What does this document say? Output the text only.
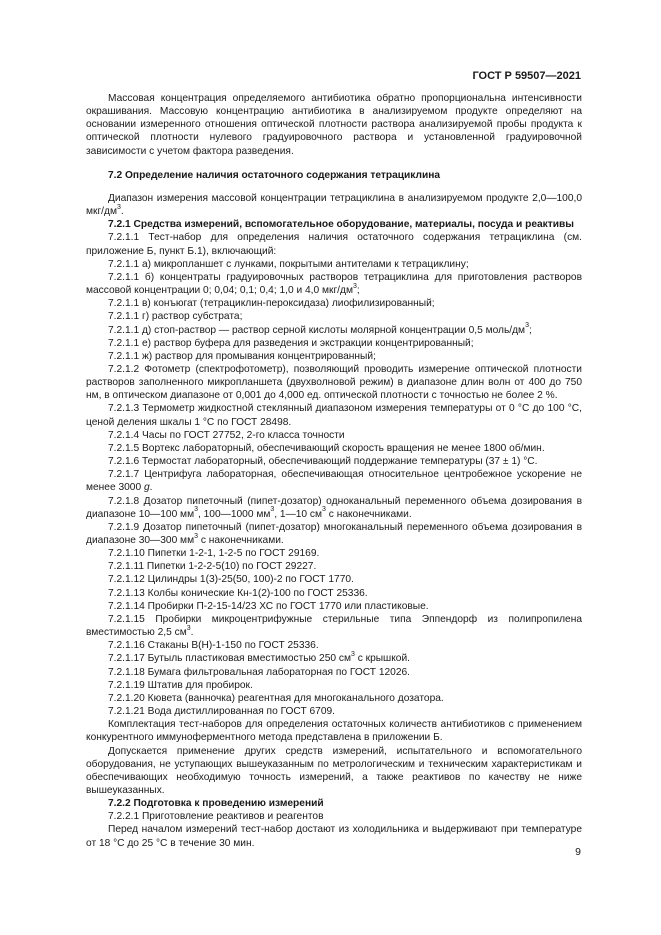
ГОСТ Р 59507—2021

Массовая концентрация определяемого антибиотика обратно пропорциональна интенсивности окрашивания. Массовую концентрацию антибиотика в анализируемом продукте определяют на основании измеренного отношения оптической плотности раствора анализируемой пробы продукта к оптической плотности нулевого градуировочного раствора и установленной градуировочной зависимости с учетом фактора разведения.

7.2 Определение наличия остаточного содержания тетрациклина

Диапазон измерения массовой концентрации тетрациклина в анализируемом продукте 2,0—100,0 мкг/$дм^3$.

7.2.1 Средства измерений, вспомогательное оборудование, материалы, посуда и реактивы

7.2.1.1 Тест-набор для определения наличия остаточного содержания тетрациклина (см. приложение Б, пункт Б.1), включающий:

7.2.1.1 а) микропланшет с лунками, покрытыми антителами к тетрациклину;

7.2.1.1 б) концентраты градуировочных растворов тетрациклина для приготовления растворов массовой концентрации 0; 0,04; 0,1; 0,4; 1,0 и 4,0 мкг/$дм^3$;

7.2.1.1 в) конъюгат (тетрациклин-пероксидаза) лиофилизированный;

7.2.1.1 г) раствор субстрата;

7.2.1.1 д) стоп-раствор — раствор серной кислоты молярной концентрации 0,5 моль/$дм^3$;

7.2.1.1 е) раствор буфера для разведения и экстракции концентрированный;

7.2.1.1 ж) раствор для промывания концентрированный;

7.2.1.2 Фотометр (спектрофотометр), позволяющий проводить измерение оптической плотности растворов заполненного микропланшета (двухволновой режим) в диапазоне длин волн от 400 до 750 нм, в оптическом диапазоне от 0,001 до 4,000 ед. оптической плотности с точностью не более 2 %.

7.2.1.3 Термометр жидкостной стеклянный диапазоном измерения температуры от 0 °С до 100 °С, ценой деления шкалы 1 °С по ГОСТ 28498.

7.2.1.4 Часы по ГОСТ 27752, 2-го класса точности

7.2.1.5 Вортекс лабораторный, обеспечивающий скорость вращения не менее 1800 об/мин.

7.2.1.6 Термостат лабораторный, обеспечивающий поддержание температуры (37 ± 1) °С.

7.2.1.7 Центрифуга лабораторная, обеспечивающая относительное центробежное ускорение не менее 3000 g.

7.2.1.8 Дозатор пипеточный (пипет-дозатор) одноканальный переменного объема дозирования в диапазоне 10—100 $мм^3$, 100—1000 $мм^3$, 1—10 $см^3$ с наконечниками.

7.2.1.9 Дозатор пипеточный (пипет-дозатор) многоканальный переменного объема дозирования в диапазоне 30—300 $мм^3$ с наконечниками.

7.2.1.10 Пипетки 1-2-1, 1-2-5 по ГОСТ 29169.

7.2.1.11 Пипетки 1-2-2-5(10) по ГОСТ 29227.

7.2.1.12 Цилиндры 1(3)-25(50, 100)-2 по ГОСТ 1770.

7.2.1.13 Колбы конические Кн-1(2)-100 по ГОСТ 25336.

7.2.1.14 Пробирки П-2-15-14/23 ХС по ГОСТ 1770 или пластиковые.

7.2.1.15 Пробирки микроцентрифужные стерильные типа Эппендорф из полипропилена вместимостью 2,5 $см^3$.

7.2.1.16 Стаканы В(Н)-1-150 по ГОСТ 25336.

7.2.1.17 Бутыль пластиковая вместимостью 250 $см^3$ с крышкой.

7.2.1.18 Бумага фильтровальная лабораторная по ГОСТ 12026.

7.2.1.19 Штатив для пробирок.

7.2.1.20 Кювета (ванночка) реагентная для многоканального дозатора.

7.2.1.21 Вода дистиллированная по ГОСТ 6709.

Комплектация тест-наборов для определения остаточных количеств антибиотиков с применением конкурентного иммуноферментного метода представлена в приложении Б.

Допускается применение других средств измерений, испытательного и вспомогательного оборудования, не уступающих вышеуказанным по метрологическим и техническим характеристикам и обеспечивающих необходимую точность измерений, а также реактивов по качеству не ниже вышеуказанных.

7.2.2 Подготовка к проведению измерений

7.2.2.1 Приготовление реактивов и реагентов

Перед началом измерений тест-набор достают из холодильника и выдерживают при температуре от 18 °С до 25 °С в течение 30 мин.

9
